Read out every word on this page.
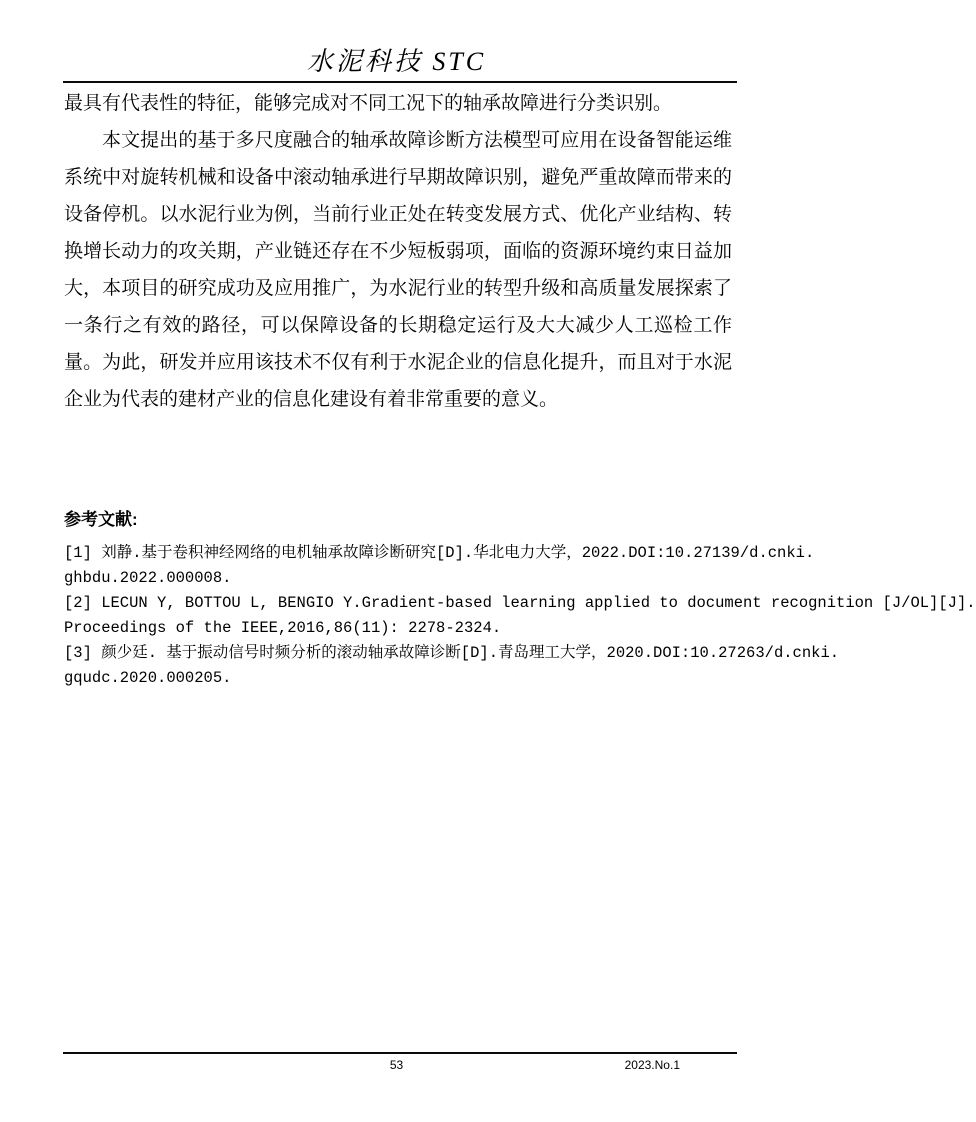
水泥科技 STC

最具有代表性的特征，能够完成对不同工况下的轴承故障进行分类识别。

本文提出的基于多尺度融合的轴承故障诊断方法模型可应用在设备智能运维

系统中对旋转机械和设备中滚动轴承进行早期故障识别，避免严重故障而带来的

设备停机。以水泥行业为例，当前行业正处在转变发展方式、优化产业结构、转

换增长动力的攻关期，产业链还存在不少短板弱项，面临的资源环境约束日益加

大，本项目的研究成功及应用推广，为水泥行业的转型升级和高质量发展探索了

一条行之有效的路径，可以保障设备的长期稳定运行及大大减少人工巡检工作

量。为此，研发并应用该技术不仅有利于水泥企业的信息化提升，而且对于水泥

企业为代表的建材产业的信息化建设有着非常重要的意义。

参考文献:

[1] 刘静.基于卷积神经网络的电机轴承故障诊断研究[D].华北电力大学，2022.DOI:10.27139/d.cnki.

ghbdu.2022.000008.

[2] LECUN Y, BOTTOU L, BENGIO Y.Gradient-based learning applied to document recognition [J/OL][J].

Proceedings of the IEEE,2016,86(11): 2278-2324.

[3] 颜少廷. 基于振动信号时频分析的滚动轴承故障诊断[D].青岛理工大学，2020.DOI:10.27263/d.cnki.

gqudc.2020.000205.

53	2023.No.1
